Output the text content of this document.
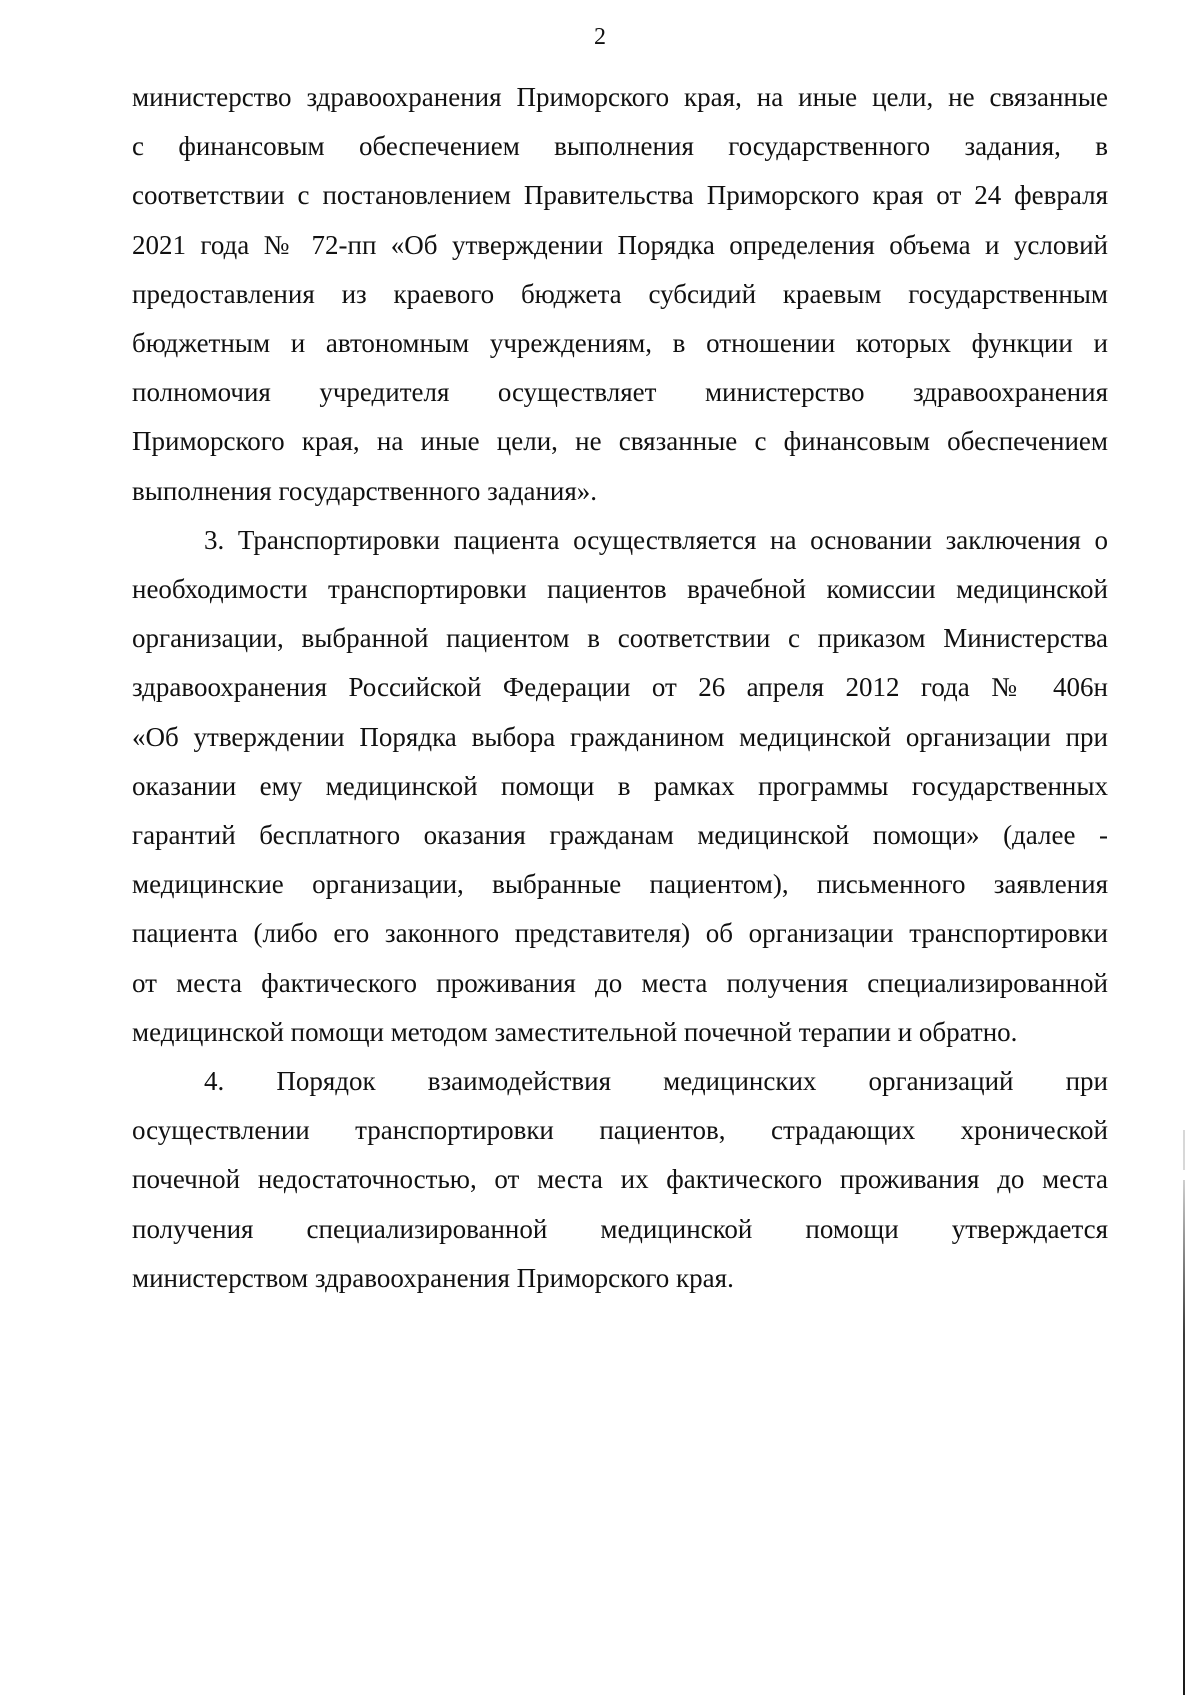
2

министерство здравоохранения Приморского края, на иные цели, не связанные
с финансовым обеспечением выполнения государственного задания, в
соответствии с постановлением Правительства Приморского края от 24 февраля
2021 года № 72-пп «Об утверждении Порядка определения объема и условий
предоставления из краевого бюджета субсидий краевым государственным
бюджетным и автономным учреждениям, в отношении которых функции и
полномочия учредителя осуществляет министерство здравоохранения
Приморского края, на иные цели, не связанные с финансовым обеспечением
выполнения государственного задания».

3. Транспортировки пациента осуществляется на основании заключения о
необходимости транспортировки пациентов врачебной комиссии медицинской
организации, выбранной пациентом в соответствии с приказом Министерства
здравоохранения Российской Федерации от 26 апреля 2012 года № 406н
«Об утверждении Порядка выбора гражданином медицинской организации при
оказании ему медицинской помощи в рамках программы государственных
гарантий бесплатного оказания гражданам медицинской помощи» (далее -
медицинские организации, выбранные пациентом), письменного заявления
пациента (либо его законного представителя) об организации транспортировки
от места фактического проживания до места получения специализированной
медицинской помощи методом заместительной почечной терапии и обратно.

4. Порядок взаимодействия медицинских организаций при
осуществлении транспортировки пациентов, страдающих хронической
почечной недостаточностью, от места их фактического проживания до места
получения специализированной медицинской помощи утверждается
министерством здравоохранения Приморского края.
